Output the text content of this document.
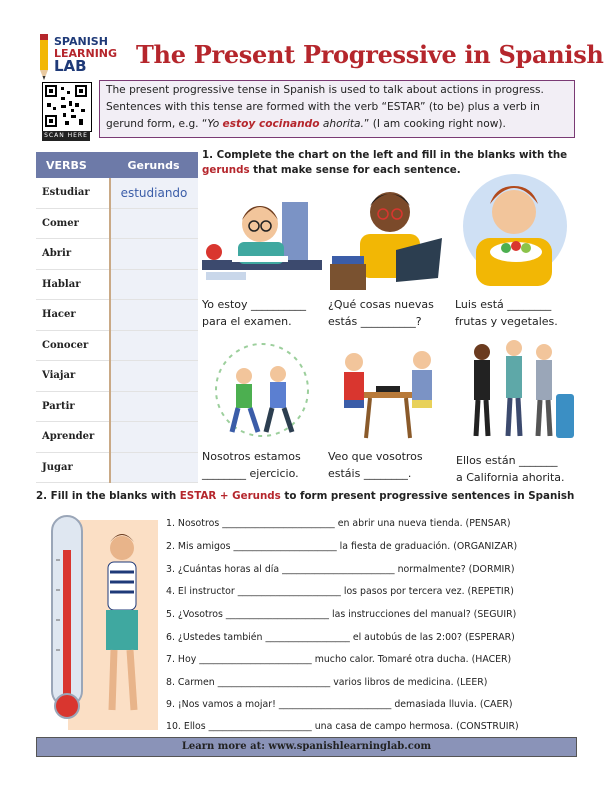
SPANISH
LEARNING
LAB	The Present Progressive in Spanish
SCAN HERE
The present progressive tense in Spanish is used to talk about actions in progress. Sentences with this tense are formed with the verb “ESTAR” (to be) plus a verb in gerund form, e.g. “Yo estoy cocinando ahorita.” (I am cooking right now).
VERBS	Gerunds
Estudiar	estudiando
Comer	
Abrir	
Hablar	
Hacer	
Conocer	
Viajar	
Partir	
Aprender	
Jugar	
1. Complete the chart on the left and fill in the blanks with the gerunds that make sense for each sentence.
Yo estoy __________
para el examen.
¿Qué cosas nuevas
estás __________?
Luis está ________
frutas y vegetales.
Nosotros estamos
________ ejercicio.
Veo que vosotros
estáis ________.
Ellos están _______
a California ahorita.
2. Fill in the blanks with ESTAR + Gerunds to form present progressive sentences in Spanish
1. Nosotros ________________________ en abrir una nueva tienda. (PENSAR)
2. Mis amigos ______________________ la fiesta de graduación. (ORGANIZAR)
3. ¿Cuántas horas al día ________________________ normalmente? (DORMIR)
4. El instructor ______________________ los pasos por tercera vez. (REPETIR)
5. ¿Vosotros ______________________ las instrucciones del manual? (SEGUIR)
6. ¿Ustedes también __________________ el autobús de las 2:00? (ESPERAR)
7. Hoy ________________________ mucho calor. Tomaré otra ducha. (HACER)
8. Carmen ________________________ varios libros de medicina. (LEER)
9. ¡Nos vamos a mojar! ________________________ demasiada lluvia. (CAER)
10. Ellos ______________________ una casa de campo hermosa. (CONSTRUIR)
Learn more at: www.spanishlearninglab.com
